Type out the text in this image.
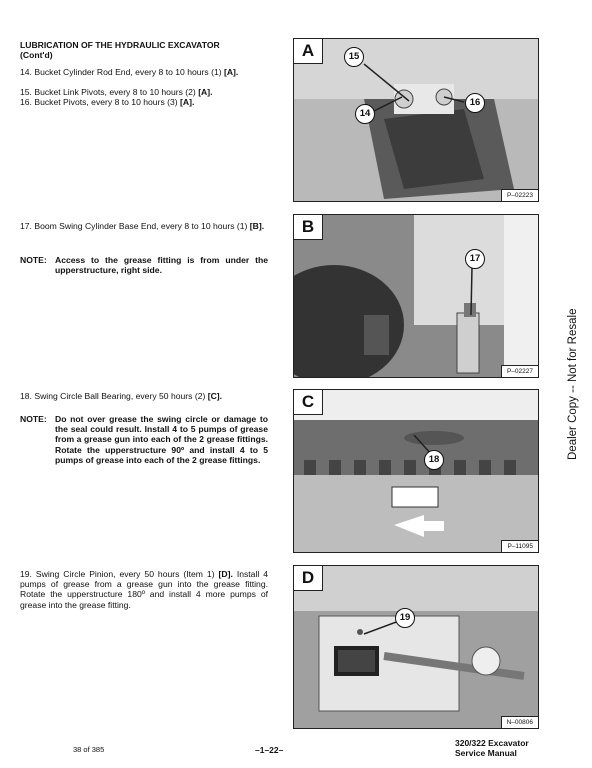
LUBRICATION OF THE HYDRAULIC EXCAVATOR
(Cont'd)
14. Bucket Cylinder Rod End, every 8 to 10 hours (1) [A].
15. Bucket Link Pivots, every 8 to 10 hours (2) [A].
16. Bucket Pivots, every 8 to 10 hours (3) [A].
17. Boom Swing Cylinder Base End, every 8 to 10 hours (1) [B].
NOTE: Access to the grease fitting is from under the upperstructure, right side.
18. Swing Circle Ball Bearing, every 50 hours (2) [C].
NOTE: Do not over grease the swing circle or damage to the seal could result. Install 4 to 5 pumps of grease from a grease gun into each of the 2 grease fittings. Rotate the upperstructure 90º and install 4 to 5 pumps of grease into each of the 2 grease fittings.
19. Swing Circle Pinion, every 50 hours (Item 1) [D]. Install 4 pumps of grease from a grease gun into the grease fitting. Rotate the upperstructure 180º and install 4 more pumps of grease into the grease fitting.
A	15
14
16
P–02223
B
17
P–02227
C
18
P–11095
D
19
N–00806
Dealer Copy -- Not for Resale
38 of 385	–1–22–
320/322 Excavator
Service Manual
